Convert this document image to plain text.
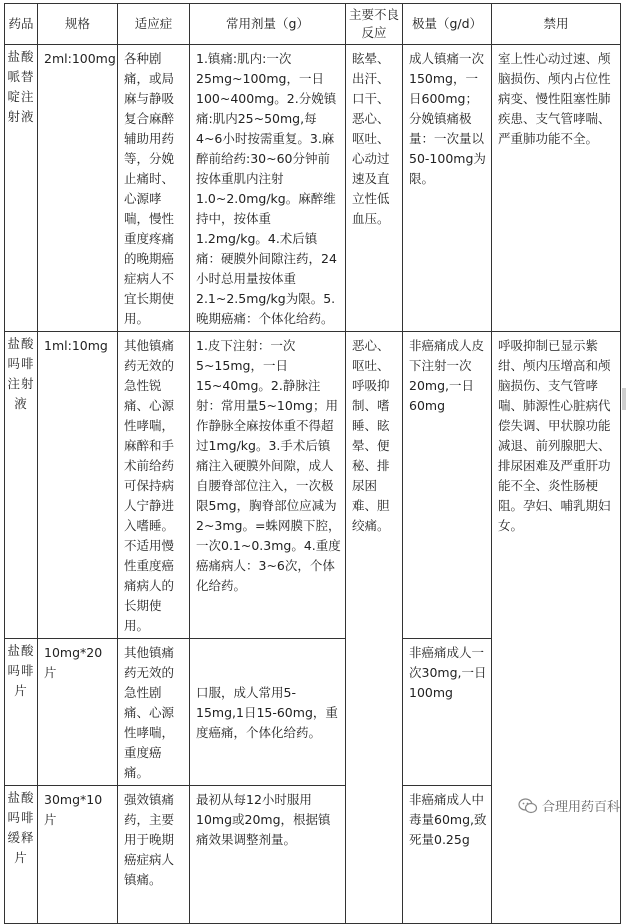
药品	规格	适应症	常用剂量（g）	主要不良反应	极量（g/d）	禁用
盐酸哌替啶注射液	2ml:100mg	各种剧痛，或局麻与静吸复合麻醉辅助用药等，分娩止痛时、心源哮喘，慢性重度疼痛的晚期癌症病人不宜长期使用。	1.镇痛:肌内:一次25mg~100mg，一日100~400mg。2.分娩镇痛:肌内25~50mg,每4~6小时按需重复。3.麻醉前给药:30~60分钟前按体重肌内注射1.0~2.0mg/kg。麻醉维持中，按体重1.2mg/kg。4.术后镇痛：硬膜外间隙注药，24小时总用量按体重2.1~2.5mg/kg为限。5.晚期癌痛：个体化给药。	眩晕、出汗、口干、恶心、呕吐、心动过速及直立性低血压。	成人镇痛一次150mg，一日600mg；分娩镇痛极量：一次量以50-100mg为限。	室上性心动过速、颅脑损伤、颅内占位性病变、慢性阻塞性肺疾患、支气管哮喘、严重肺功能不全。
盐酸吗啡注射液	1ml:10mg	其他镇痛药无效的急性锐痛、心源性哮喘，麻醉和手术前给药可保持病人宁静进入嗜睡。不适用慢性重度癌痛病人的长期使用。	1.皮下注射：一次5~15mg，一日15~40mg。2.静脉注射：常用量5~10mg；用作静脉全麻按体重不得超过1mg/kg。3.手术后镇痛注入硬膜外间隙，成人自腰脊部位注入，一次极限5mg，胸脊部位应减为2~3mg。=蛛网膜下腔，一次0.1~0.3mg。4.重度癌痛病人：3~6次，个体化给药。	恶心、呕吐、呼吸抑制、嗜睡、眩晕、便秘、排尿困难、胆绞痛。	非癌痛成人皮下注射一次20mg,一日60mg	呼吸抑制已显示紫绀、颅内压增高和颅脑损伤、支气管哮喘、肺源性心脏病代偿失调、甲状腺功能减退、前列腺肥大、排尿困难及严重肝功能不全、炎性肠梗阻。孕妇、哺乳期妇女。
盐酸吗啡片	10mg*20片	其他镇痛药无效的急性剧痛、心源性哮喘，重度癌痛。	口服，成人常用5-15mg,1日15-60mg，重度癌痛，个体化给药。		非癌痛成人一次30mg,一日100mg	
盐酸吗啡缓释片	30mg*10片	强效镇痛药，主要用于晚期癌症病人镇痛。	最初从每12小时服用10mg或20mg，根据镇痛效果调整剂量。		非癌痛成人中毒量60mg,致死量0.25g	
合理用药百科
